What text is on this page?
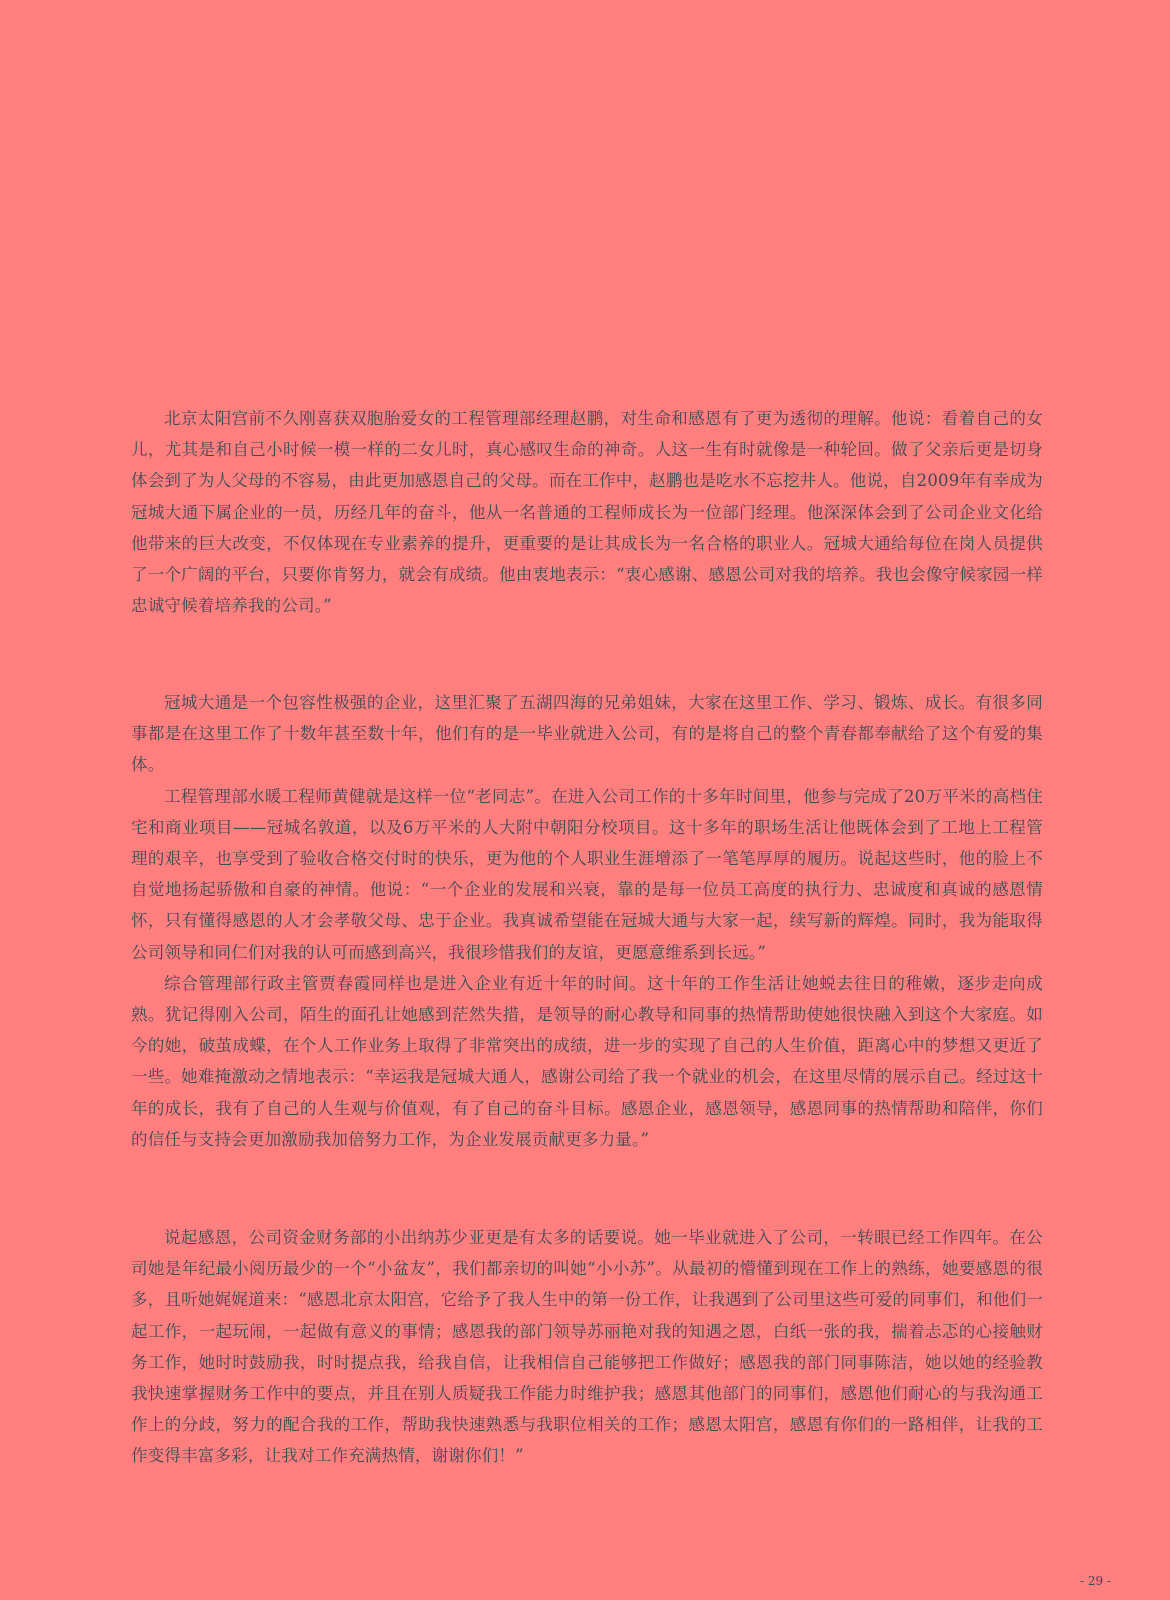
北京太阳宫前不久刚喜获双胞胎爱女的工程管理部经理赵鹏，对生命和感恩有了更为透彻的理解。他说：看着自己的女儿，尤其是和自己小时候一模一样的二女儿时，真心感叹生命的神奇。人这一生有时就像是一种轮回。做了父亲后更是切身体会到了为人父母的不容易，由此更加感恩自己的父母。而在工作中，赵鹏也是吃水不忘挖井人。他说，自2009年有幸成为冠城大通下属企业的一员，历经几年的奋斗，他从一名普通的工程师成长为一位部门经理。他深深体会到了公司企业文化给他带来的巨大改变，不仅体现在专业素养的提升，更重要的是让其成长为一名合格的职业人。冠城大通给每位在岗人员提供了一个广阔的平台，只要你肯努力，就会有成绩。他由衷地表示：“衷心感谢、感恩公司对我的培养。我也会像守候家园一样忠诚守候着培养我的公司。”

冠城大通是一个包容性极强的企业，这里汇聚了五湖四海的兄弟姐妹，大家在这里工作、学习、锻炼、成长。有很多同事都是在这里工作了十数年甚至数十年，他们有的是一毕业就进入公司，有的是将自己的整个青春都奉献给了这个有爱的集体。

工程管理部水暖工程师黄健就是这样一位“老同志”。在进入公司工作的十多年时间里，他参与完成了20万平米的高档住宅和商业项目——冠城名敦道，以及6万平米的人大附中朝阳分校项目。这十多年的职场生活让他既体会到了工地上工程管理的艰辛，也享受到了验收合格交付时的快乐，更为他的个人职业生涯增添了一笔笔厚厚的履历。说起这些时，他的脸上不自觉地扬起骄傲和自豪的神情。他说：“一个企业的发展和兴衰，靠的是每一位员工高度的执行力、忠诚度和真诚的感恩情怀，只有懂得感恩的人才会孝敬父母、忠于企业。我真诚希望能在冠城大通与大家一起，续写新的辉煌。同时，我为能取得公司领导和同仁们对我的认可而感到高兴，我很珍惜我们的友谊，更愿意维系到长远。”

综合管理部行政主管贾春霞同样也是进入企业有近十年的时间。这十年的工作生活让她蜕去往日的稚嫩，逐步走向成熟。犹记得刚入公司，陌生的面孔让她感到茫然失措，是领导的耐心教导和同事的热情帮助使她很快融入到这个大家庭。如今的她，破茧成蝶，在个人工作业务上取得了非常突出的成绩，进一步的实现了自己的人生价值，距离心中的梦想又更近了一些。她难掩激动之情地表示：“幸运我是冠城大通人，感谢公司给了我一个就业的机会，在这里尽情的展示自己。经过这十年的成长，我有了自己的人生观与价值观，有了自己的奋斗目标。感恩企业，感恩领导，感恩同事的热情帮助和陪伴，你们的信任与支持会更加激励我加倍努力工作，为企业发展贡献更多力量。”

说起感恩，公司资金财务部的小出纳苏少亚更是有太多的话要说。她一毕业就进入了公司，一转眼已经工作四年。在公司她是年纪最小阅历最少的一个“小盆友”，我们都亲切的叫她“小小苏”。从最初的懵懂到现在工作上的熟练，她要感恩的很多，且听她娓娓道来：“感恩北京太阳宫，它给予了我人生中的第一份工作，让我遇到了公司里这些可爱的同事们，和他们一起工作，一起玩闹，一起做有意义的事情；感恩我的部门领导苏丽艳对我的知遇之恩，白纸一张的我，揣着忐忑的心接触财务工作，她时时鼓励我，时时提点我，给我自信，让我相信自己能够把工作做好；感恩我的部门同事陈洁，她以她的经验教我快速掌握财务工作中的要点，并且在别人质疑我工作能力时维护我；感恩其他部门的同事们，感恩他们耐心的与我沟通工作上的分歧，努力的配合我的工作，帮助我快速熟悉与我职位相关的工作；感恩太阳宫，感恩有你们的一路相伴，让我的工作变得丰富多彩，让我对工作充满热情，谢谢你们！”

- 29 -
